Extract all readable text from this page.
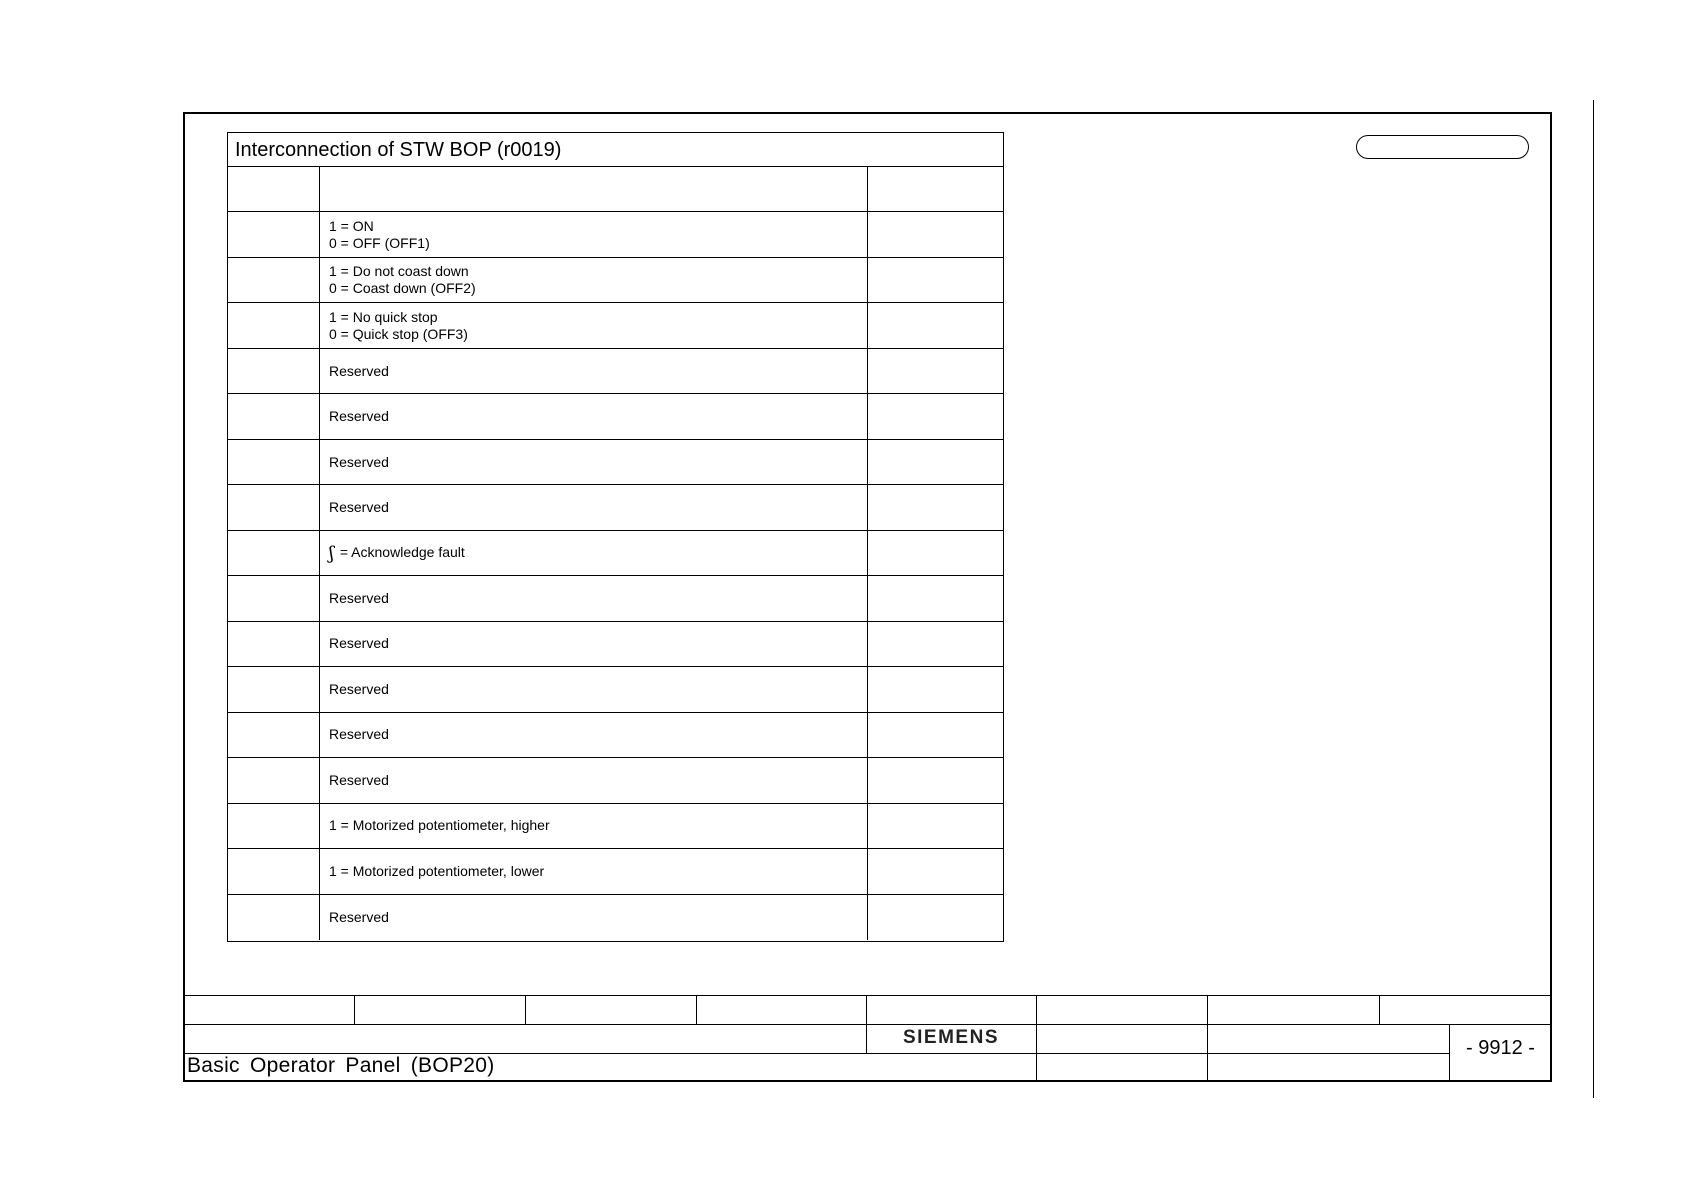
Interconnection of STW BOP (r0019)
1 = ON
0 = OFF (OFF1)
1 = Do not coast down
0 = Coast down (OFF2)
1 = No quick stop
0 = Quick stop (OFF3)
Reserved
Reserved
Reserved
Reserved
ʃ = Acknowledge fault
Reserved
Reserved
Reserved
Reserved
Reserved
1 = Motorized potentiometer, higher
1 = Motorized potentiometer, lower
Reserved
SIEMENS
Basic Operator Panel (BOP20)
- 9912 -
